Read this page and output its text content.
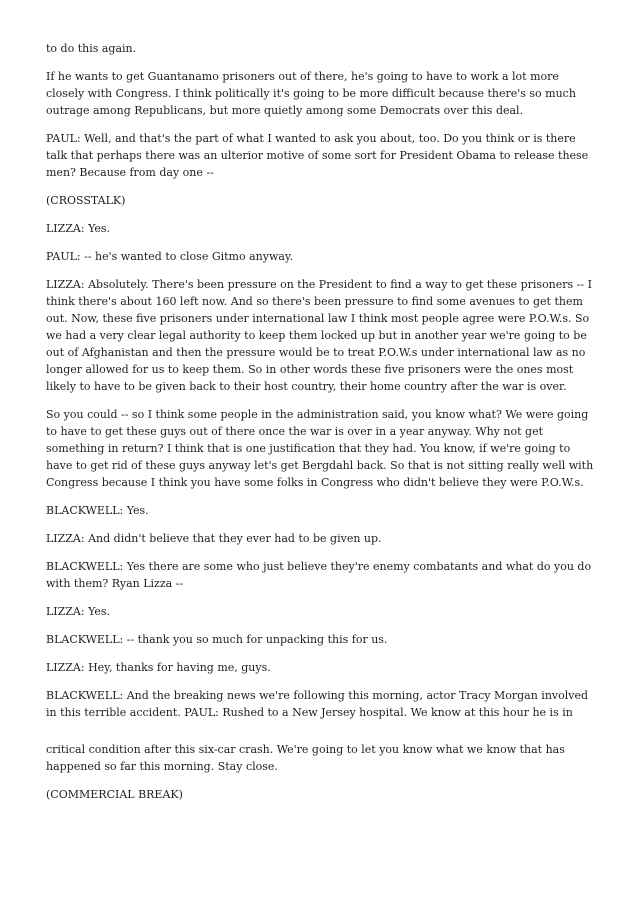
to do this again.

If he wants to get Guantanamo prisoners out of there, he's going to have to work a lot more closely with Congress. I think politically it's going to be more difficult because there's so much outrage among Republicans, but more quietly among some Democrats over this deal.

PAUL: Well, and that's the part of what I wanted to ask you about, too. Do you think or is there talk that perhaps there was an ulterior motive of some sort for President Obama to release these men? Because from day one --

(CROSSTALK)

LIZZA: Yes.

PAUL: -- he's wanted to close Gitmo anyway.

LIZZA: Absolutely. There's been pressure on the President to find a way to get these prisoners -- I think there's about 160 left now. And so there's been pressure to find some avenues to get them out. Now, these five prisoners under international law I think most people agree were P.O.W.s. So we had a very clear legal authority to keep them locked up but in another year we're going to be out of Afghanistan and then the pressure would be to treat P.O.W.s under international law as no longer allowed for us to keep them. So in other words these five prisoners were the ones most likely to have to be given back to their host country, their home country after the war is over.

So you could -- so I think some people in the administration said, you know what? We were going to have to get these guys out of there once the war is over in a year anyway. Why not get something in return? I think that is one justification that they had. You know, if we're going to have to get rid of these guys anyway let's get Bergdahl back. So that is not sitting really well with Congress because I think you have some folks in Congress who didn't believe they were P.O.W.s.

BLACKWELL: Yes.

LIZZA: And didn't believe that they ever had to be given up.

BLACKWELL: Yes there are some who just believe they're enemy combatants and what do you do with them? Ryan Lizza --

LIZZA: Yes.

BLACKWELL: -- thank you so much for unpacking this for us.

LIZZA: Hey, thanks for having me, guys.

BLACKWELL: And the breaking news we're following this morning, actor Tracy Morgan involved in this terrible accident. PAUL: Rushed to a New Jersey hospital. We know at this hour he is in

critical condition after this six-car crash. We're going to let you know what we know that has happened so far this morning. Stay close.

(COMMERCIAL BREAK)
